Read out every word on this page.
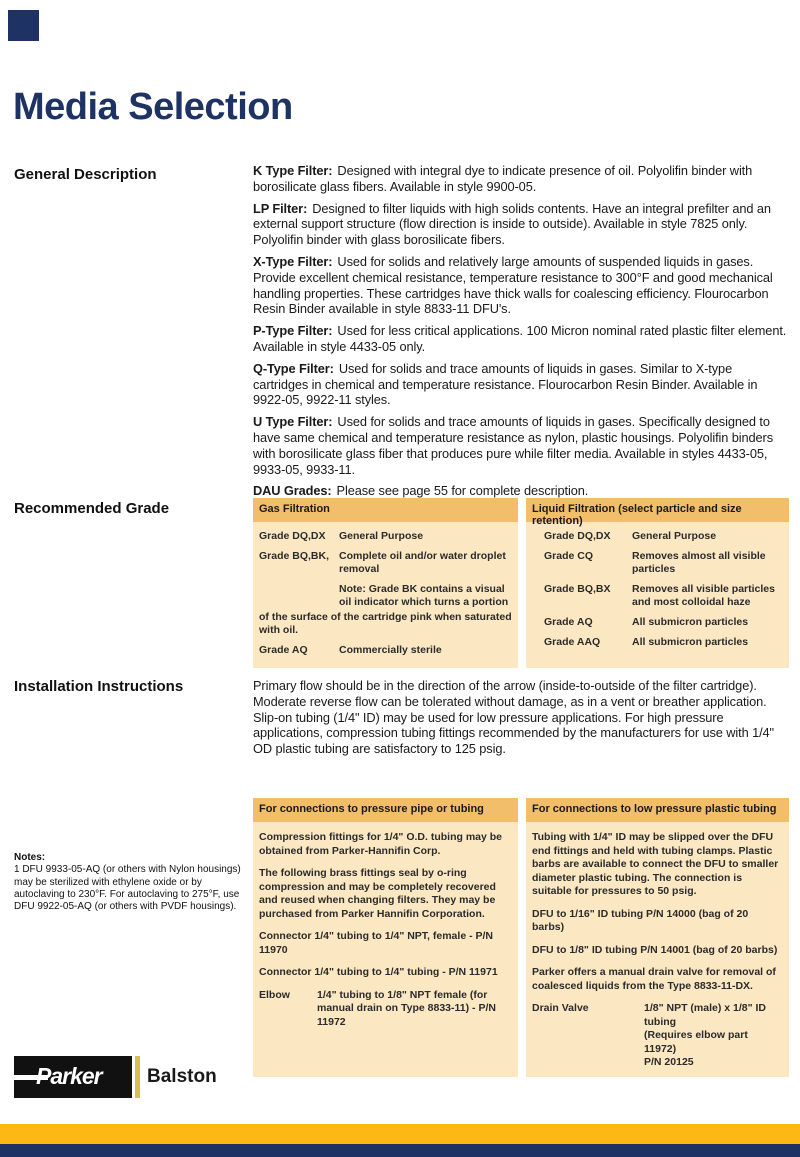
Media Selection
General Description
Recommended Grade
Installation Instructions

K Type Filter: Designed with integral dye to indicate presence of oil. Polyolifin binder with borosilicate glass fibers. Available in style 9900-05.

LP Filter: Designed to filter liquids with high solids contents. Have an integral prefilter and an external support structure (flow direction is inside to outside). Available in style 7825 only. Polyolifin binder with glass borosilicate fibers.

X-Type Filter: Used for solids and relatively large amounts of suspended liquids in gases. Provide excellent chemical resistance, temperature resistance to 300°F and good mechanical handling properties. These cartridges have thick walls for coalescing efficiency. Flourocarbon Resin Binder available in style 8833-11 DFU's.

P-Type Filter: Used for less critical applications. 100 Micron nominal rated plastic filter element. Available in style 4433-05 only.

Q-Type Filter: Used for solids and trace amounts of liquids in gases. Similar to X-type cartridges in chemical and temperature resistance. Flourocarbon Resin Binder. Available in 9922-05, 9922-11 styles.

U Type Filter: Used for solids and trace amounts of liquids in gases. Specifically designed to have same chemical and temperature resistance as nylon, plastic housings. Polyolifin binders with borosilicate glass fiber that produces pure while filter media. Available in styles 4433-05, 9933-05, 9933-11.

DAU Grades: Please see page 55 for complete description.

Gas Filtration
Grade DQ,DX	General Purpose
Grade BQ,BK, Complete oil and/or water droplet removal
Note: Grade BK contains a visual oil indicator which turns a portion
of the surface of the cartridge pink when saturated with oil.
Grade AQ	Commercially sterile
Liquid Filtration (select particle and size retention)
Grade DQ,DX	General Purpose
Grade CQ	Removes almost all visible particles
Grade BQ,BX	Removes all visible particles and most colloidal haze
Grade AQ	All submicron particles
Grade AAQ	All submicron particles

Primary flow should be in the direction of the arrow (inside-to-outside of the filter cartridge). Moderate reverse flow can be tolerated without damage, as in a vent or breather application. Slip-on tubing (1/4" ID) may be used for low pressure applications. For high pressure applications, compression tubing fittings recommended by the manufacturers for use with 1/4" OD plastic tubing are satisfactory to 125 psig.

For connections to pressure pipe or tubing
Compression fittings for 1/4" O.D. tubing may be obtained from Parker-Hannifin Corp.
The following brass fittings seal by o-ring compression and may be completely recovered and reused when changing filters. They may be purchased from Parker Hannifin Corporation.
Connector 1/4" tubing to 1/4" NPT, female - P/N 11970
Connector 1/4" tubing to 1/4" tubing - P/N 11971
Elbow	1/4" tubing to 1/8" NPT female (for manual drain on Type 8833-11) - P/N 11972
For connections to low pressure plastic tubing
Tubing with 1/4" ID may be slipped over the DFU end fittings and held with tubing clamps. Plastic barbs are available to connect the DFU to smaller diameter plastic tubing. The connection is suitable for pressures to 50 psig.
DFU to 1/16" ID tubing P/N 14000 (bag of 20 barbs)
DFU to 1/8" ID tubing P/N 14001 (bag of 20 barbs)
Parker offers a manual drain valve for removal of coalesced liquids from the Type 8833-11-DX.
Drain Valve	1/8" NPT (male) x 1/8" ID
tubing
(Requires elbow part 11972)
P/N 20125
Notes:
1 DFU 9933-05-AQ (or others with Nylon housings) may be sterilized with ethylene oxide or by autoclaving to 230°F. For autoclaving to 275°F, use DFU 9922-05-AQ (or others with PVDF housings).
Parker Balston
